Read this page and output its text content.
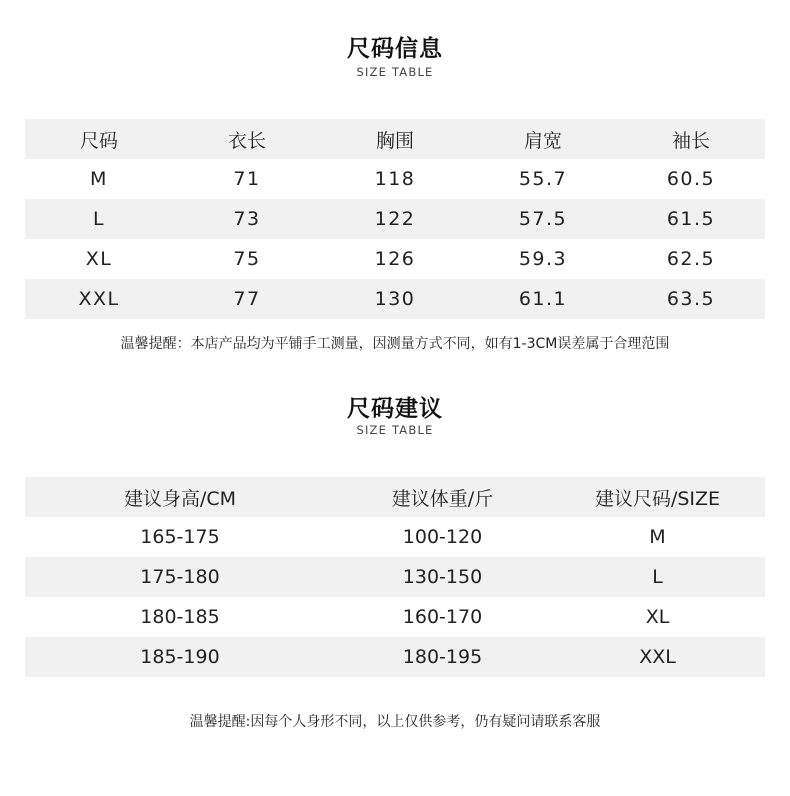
尺码信息
SIZE TABLE
尺码	衣长	胸围	肩宽	袖长
M	71	118	55.7	60.5
L	73	122	57.5	61.5
XL	75	126	59.3	62.5
XXL	77	130	61.1	63.5
温馨提醒：本店产品均为平铺手工测量，因测量方式不同，如有1-3CM误差属于合理范围
尺码建议
SIZE TABLE
建议身高/CM	建议体重/斤	建议尺码/SIZE
165-175	100-120	M
175-180	130-150	L
180-185	160-170	XL
185-190	180-195	XXL
温馨提醒:因每个人身形不同，以上仅供参考，仍有疑问请联系客服
